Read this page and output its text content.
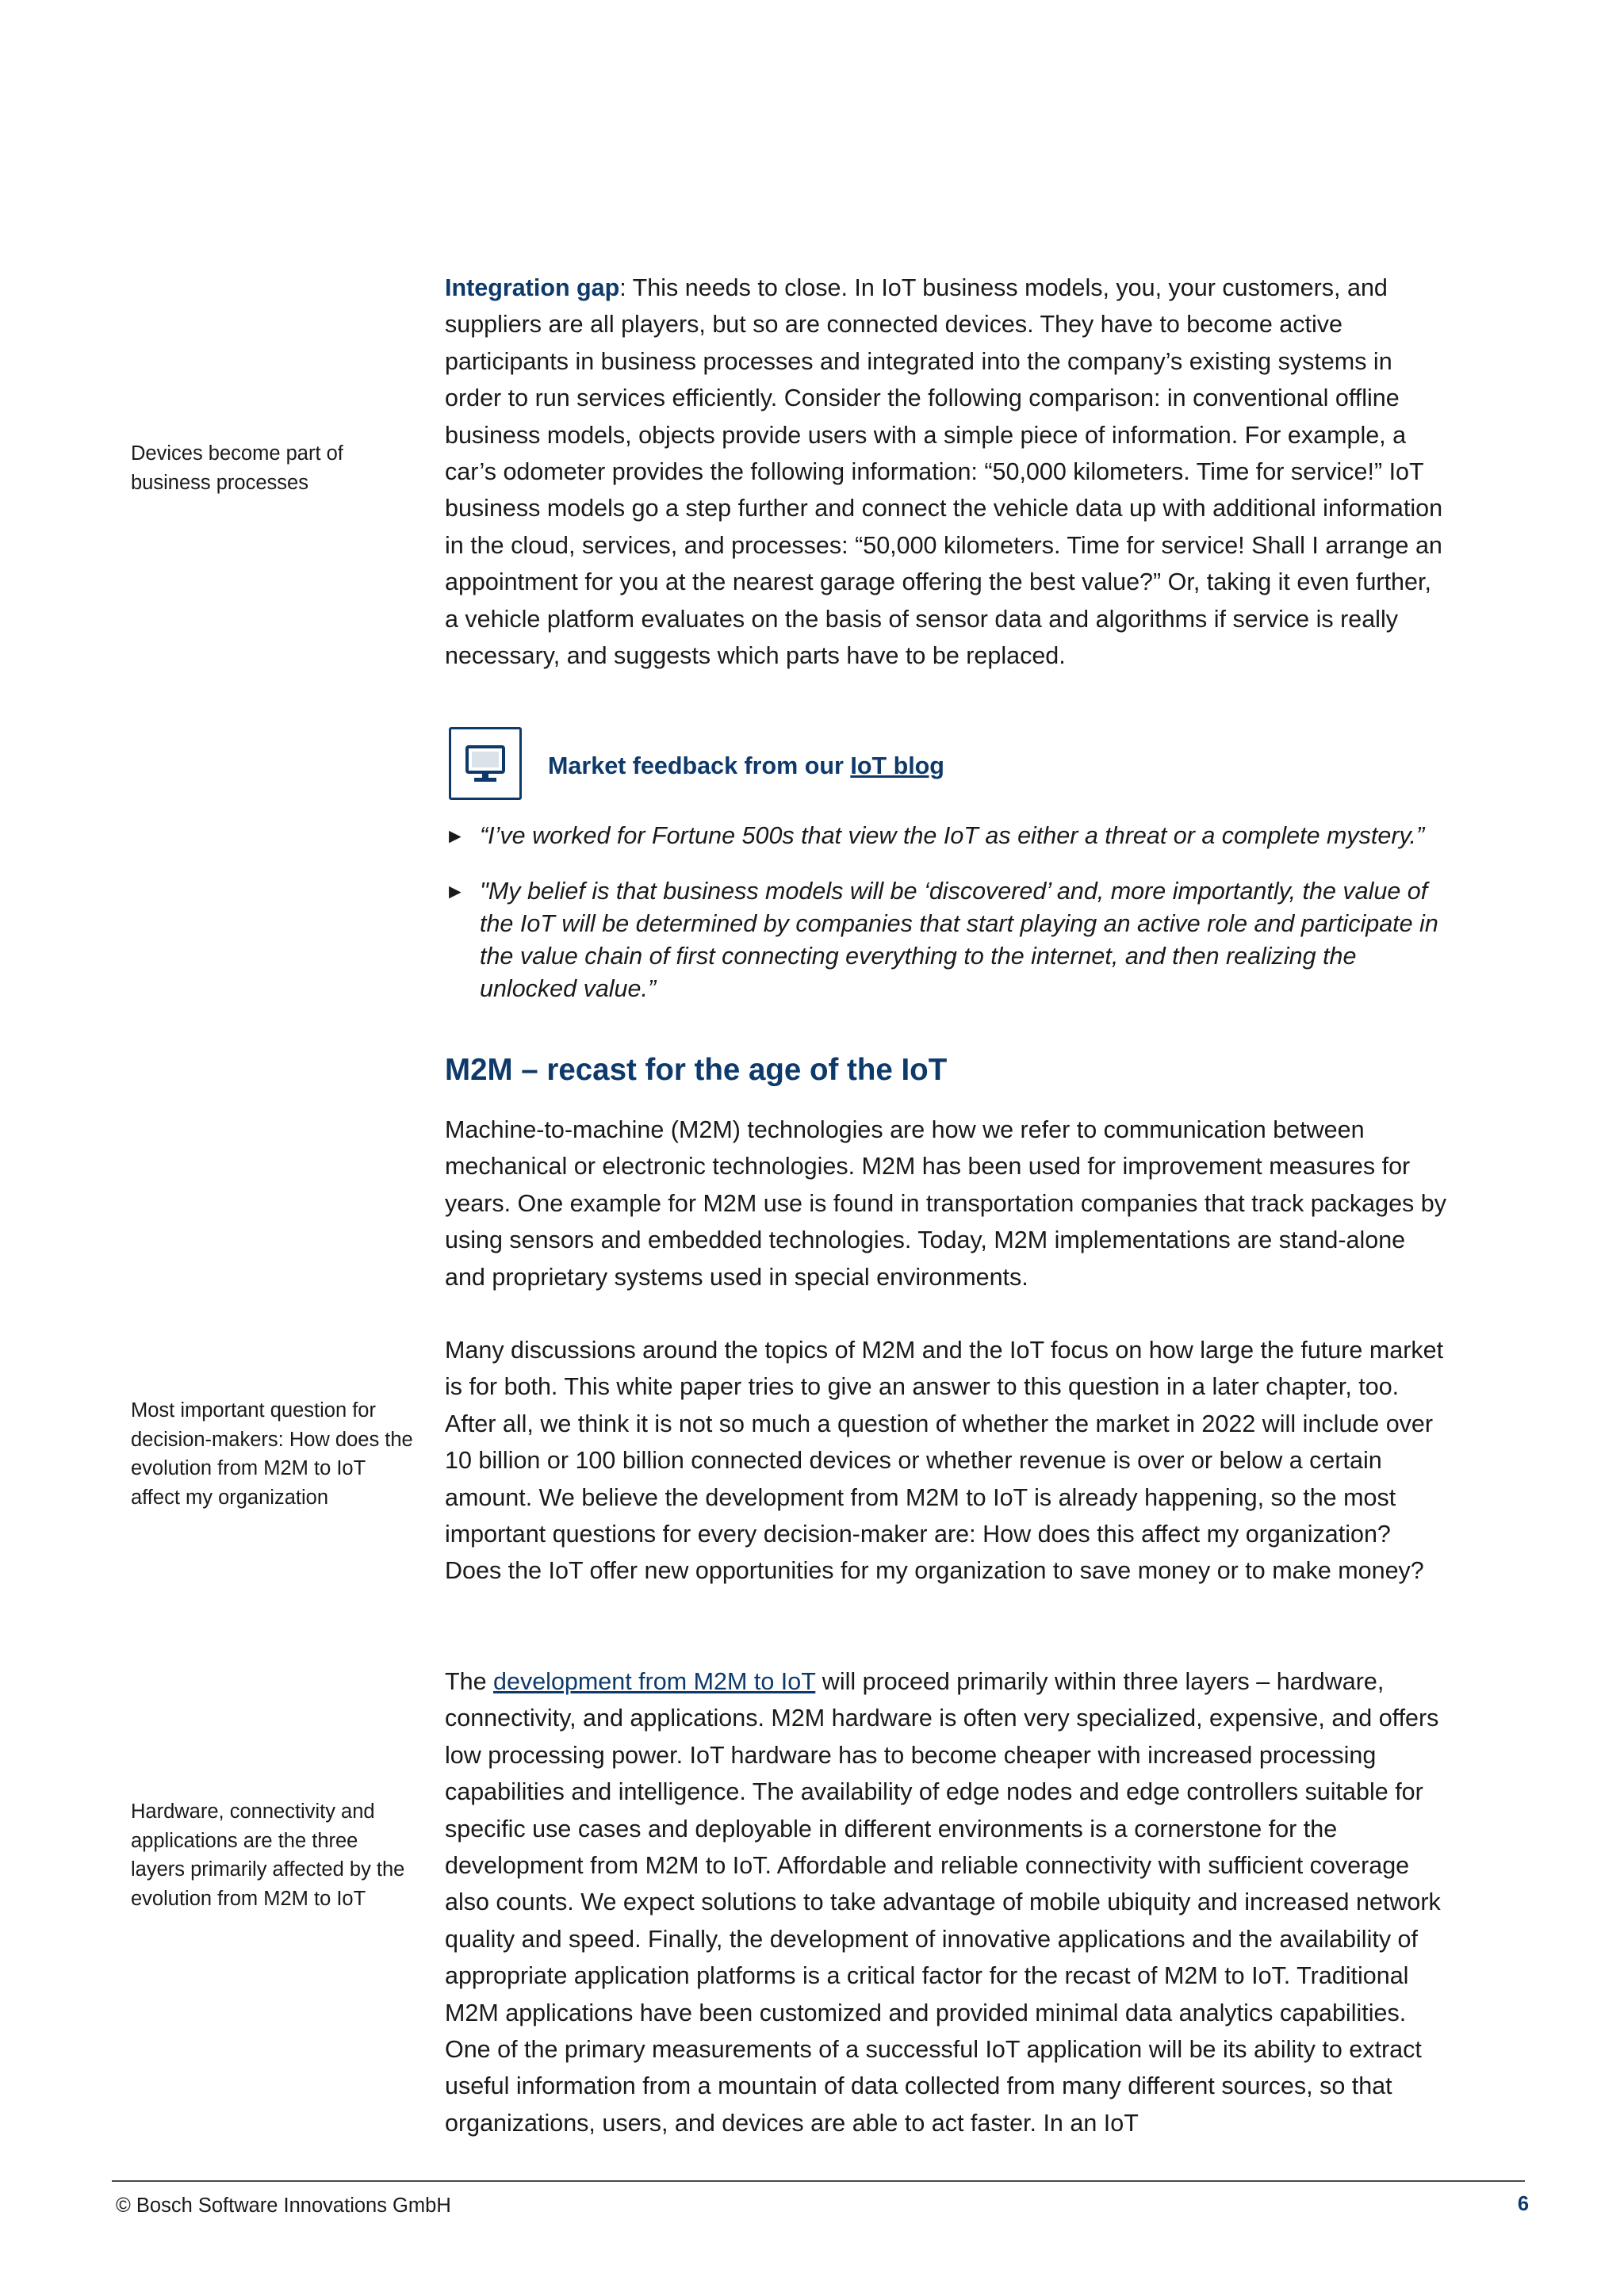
Integration gap: This needs to close. In IoT business models, you, your customers, and suppliers are all players, but so are connected devices. They have to become active participants in business processes and integrated into the company’s existing systems in order to run services efficiently. Consider the following comparison: in conventional offline business models, objects provide users with a simple piece of information. For example, a car’s odometer provides the following information: “50,000 kilometers. Time for service!” IoT business models go a step further and connect the vehicle data up with additional information in the cloud, services, and processes: “50,000 kilometers. Time for service! Shall I arrange an appointment for you at the nearest garage offering the best value?” Or, taking it even further, a vehicle platform evaluates on the basis of sensor data and algorithms if service is really necessary, and suggests which parts have to be replaced.

Devices become part of business processes
Market feedback from our IoT blog
► “I’ve worked for Fortune 500s that view the IoT as either a threat or a complete mystery.”
► "My belief is that business models will be ‘discovered’ and, more importantly, the value of the IoT will be determined by companies that start playing an active role and participate in the value chain of first connecting everything to the internet, and then realizing the unlocked value.”
M2M – recast for the age of the IoT

Machine-to-machine (M2M) technologies are how we refer to communication between mechanical or electronic technologies. M2M has been used for improvement measures for years. One example for M2M use is found in transportation companies that track packages by using sensors and embedded technologies. Today, M2M implementations are stand-alone and proprietary systems used in special environments.

Many discussions around the topics of M2M and the IoT focus on how large the future market is for both. This white paper tries to give an answer to this question in a later chapter, too. After all, we think it is not so much a question of whether the market in 2022 will include over 10 billion or 100 billion connected devices or whether revenue is over or below a certain amount. We believe the development from M2M to IoT is already happening, so the most important questions for every decision-maker are: How does this affect my organization? Does the IoT offer new opportunities for my organization to save money or to make money?

Most important question for decision-makers: How does the evolution from M2M to IoT affect my organization

The development from M2M to IoT will proceed primarily within three layers – hardware, connectivity, and applications. M2M hardware is often very specialized, expensive, and offers low processing power. IoT hardware has to become cheaper with increased processing capabilities and intelligence. The availability of edge nodes and edge controllers suitable for specific use cases and deployable in different environments is a cornerstone for the development from M2M to IoT. Affordable and reliable connectivity with sufficient coverage also counts. We expect solutions to take advantage of mobile ubiquity and increased network quality and speed. Finally, the development of innovative applications and the availability of appropriate application platforms is a critical factor for the recast of M2M to IoT. Traditional M2M applications have been customized and provided minimal data analytics capabilities. One of the primary measurements of a successful IoT application will be its ability to extract useful information from a mountain of data collected from many different sources, so that organizations, users, and devices are able to act faster. In an IoT

Hardware, connectivity and applications are the three layers primarily affected by the evolution from M2M to IoT
© Bosch Software Innovations GmbH	6
